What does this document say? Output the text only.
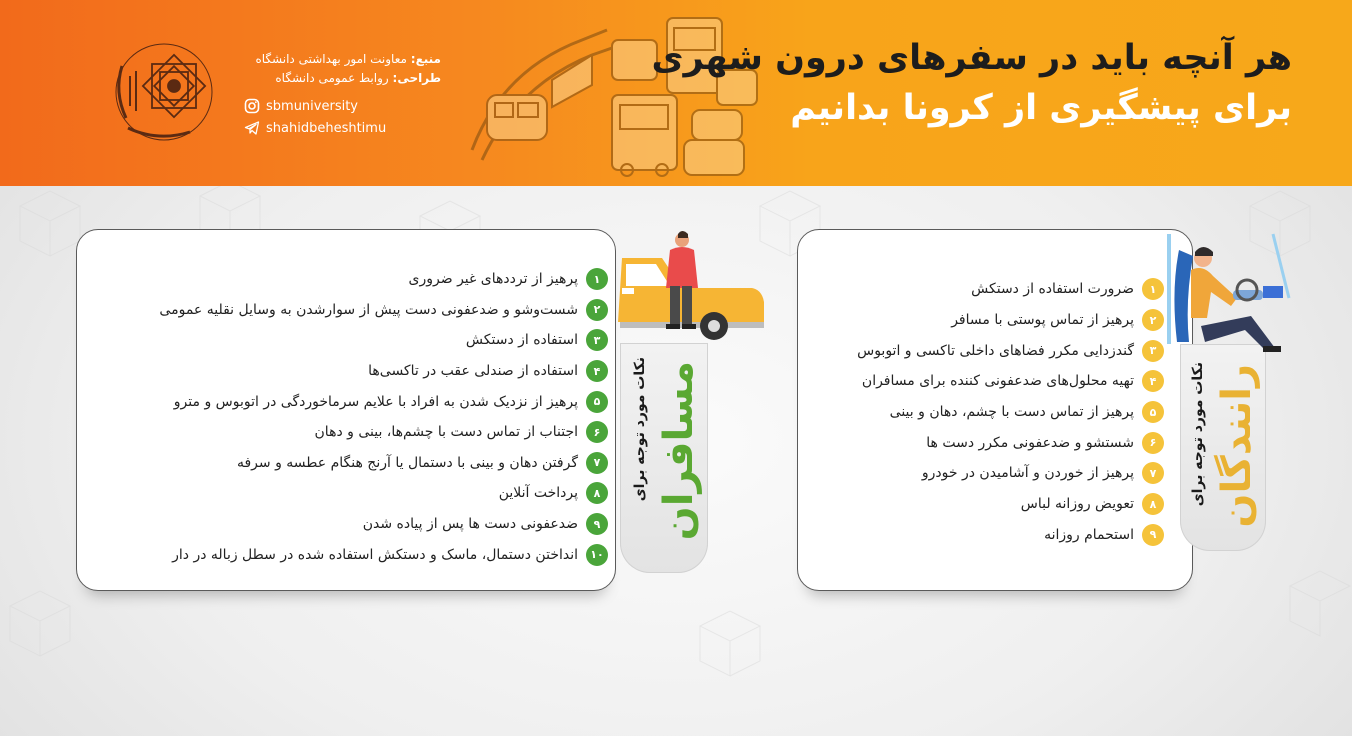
هر آنچه باید در سفرهای درون شهری
برای پیشگیری از کرونا بدانیم
منبع: معاونت امور بهداشتی دانشگاه
طراحی: روابط عمومی دانشگاه
sbmuniversity
shahidbeheshtimu
نکات مورد توجه برای مسافران
۱
پرهیز از ترددهای غیر ضروری
۲
شست‌وشو و ضدعفونی دست پیش از سوارشدن به وسایل نقلیه عمومی
۳
استفاده از دستکش
۴
استفاده از صندلی عقب در تاکسی‌ها
۵
پرهیز از نزدیک شدن به افراد با علایم سرماخوردگی در اتوبوس و مترو
۶
اجتناب از تماس دست با چشم‌ها، بینی و دهان
۷
گرفتن دهان و بینی با دستمال یا آرنج هنگام عطسه و سرفه
۸
پرداخت آنلاین
۹
ضدعفونی دست ها پس از پیاده شدن
۱۰
انداختن دستمال، ماسک و دستکش استفاده شده در سطل زباله در دار
نکات مورد توجه برای رانندگان
۱
ضرورت استفاده از دستکش
۲
پرهیز از تماس پوستی با مسافر
۳
گندزدایی مکرر فضاهای داخلی تاکسی و اتوبوس
۴
تهیه محلول‌های ضدعفونی کننده برای مسافران
۵
پرهیز از تماس دست با چشم، دهان و بینی
۶
شستشو و ضدعفونی مکرر دست ها
۷
پرهیز از خوردن و آشامیدن در خودرو
۸
تعویض روزانه لباس
۹
استحمام روزانه
